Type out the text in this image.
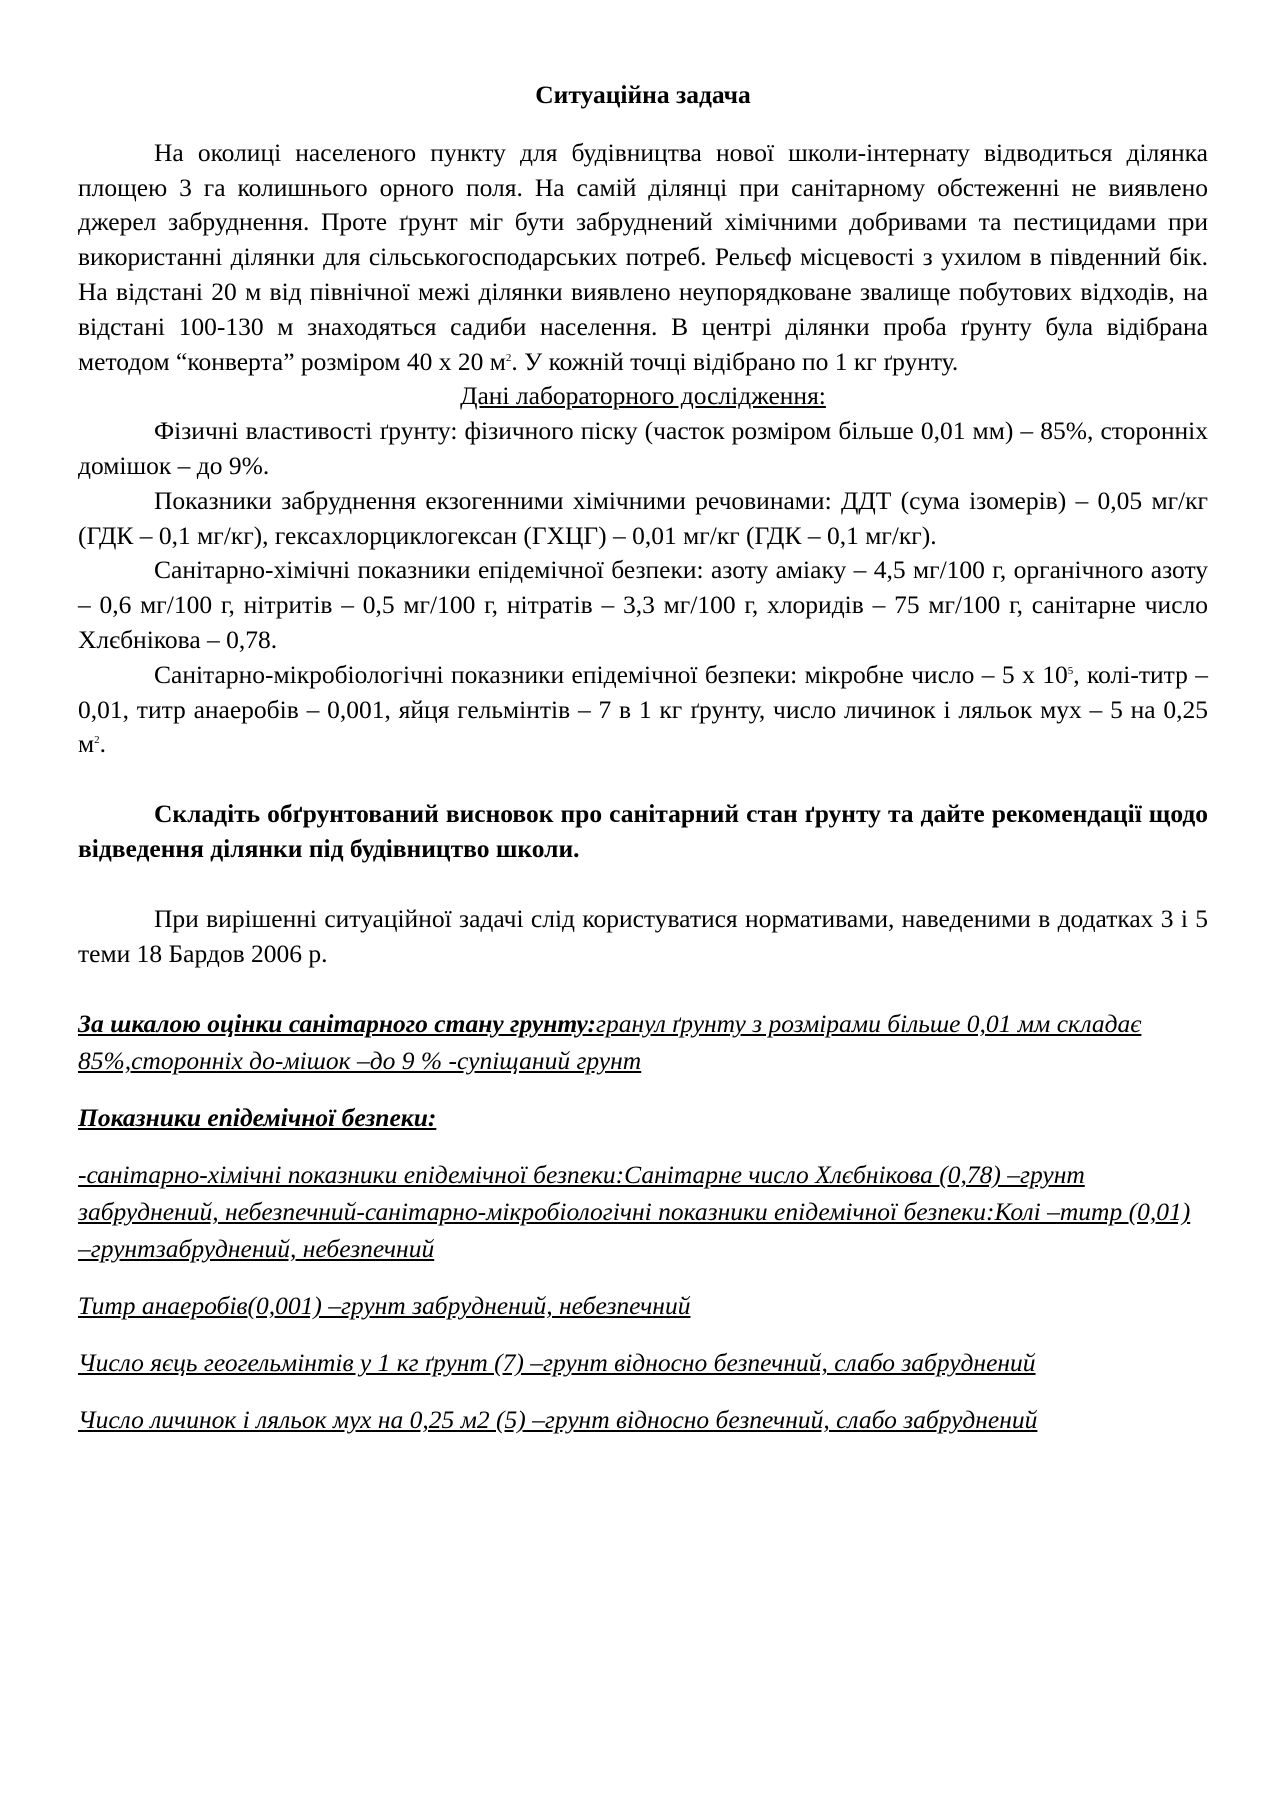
Ситуаційна задача

На околиці населеного пункту для будівництва нової школи-інтернату відводиться ділянка площею 3 га колишнього орного поля. На самій ділянці при санітарному обстеженні не виявлено джерел забруднення. Проте ґрунт міг бути забруднений хімічними добривами та пестицидами при використанні ділянки для сільськогосподарських потреб. Рельєф місцевості з ухилом в південний бік. На відстані 20 м від північної межі ділянки виявлено неупорядковане звалище побутових відходів, на відстані 100-130 м знаходяться садиби населення. В центрі ділянки проба ґрунту була відібрана методом “конверта” розміром 40 х 20 $м^2$. У кожній точці відібрано по 1 кг ґрунту.

Дані лабораторного дослідження:

Фізичні властивості ґрунту: фізичного піску (часток розміром більше 0,01 мм) – 85%, сторонніх домішок – до 9%.

Показники забруднення екзогенними хімічними речовинами: ДДТ (сума ізомерів) – 0,05 мг/кг (ГДК – 0,1 мг/кг), гексахлорциклогексан (ГХЦГ) – 0,01 мг/кг (ГДК – 0,1 мг/кг).

Санітарно-хімічні показники епідемічної безпеки: азоту аміаку – 4,5 мг/100 г, органічного азоту – 0,6 мг/100 г, нітритів – 0,5 мг/100 г, нітратів – 3,3 мг/100 г, хлоридів – 75 мг/100 г, санітарне число Хлєбнікова – 0,78.

Санітарно-мікробіологічні показники епідемічної безпеки: мікробне число – 5 х $10^5$, колі-титр – 0,01, титр анаеробів – 0,001, яйця гельмінтів – 7 в 1 кг ґрунту, число личинок і ляльок мух – 5 на 0,25 $м^2$.

Складіть обґрунтований висновок про санітарний стан ґрунту та дайте рекомендації щодо відведення ділянки під будівництво школи.

При вирішенні ситуаційної задачі слід користуватися нормативами, наведеними в додатках 3 і 5 теми 18 Бардов 2006 р.

За шкалою оцінки санітарного стану грунту:гранул ґрунту з розмірами більше 0,01 мм складає 85%,сторонніх до-мішок –до 9 % -супіщаний грунт

Показники епідемічної безпеки:

-санітарно-хімічні показники епідемічної безпеки:Санітарне число Хлєбнікова (0,78) –грунт забруднений, небезпечний-санітарно-мікробіологічні показники епідемічної безпеки:Колі –титр (0,01) –грунтзабруднений, небезпечний

Титр анаеробів(0,001) –грунт забруднений, небезпечний

Число яєць геогельмінтів у 1 кг ґрунт (7) –грунт відносно безпечний, слабо забруднений

Число личинок і ляльок мух на 0,25 м2 (5) –грунт відносно безпечний, слабо забруднений
